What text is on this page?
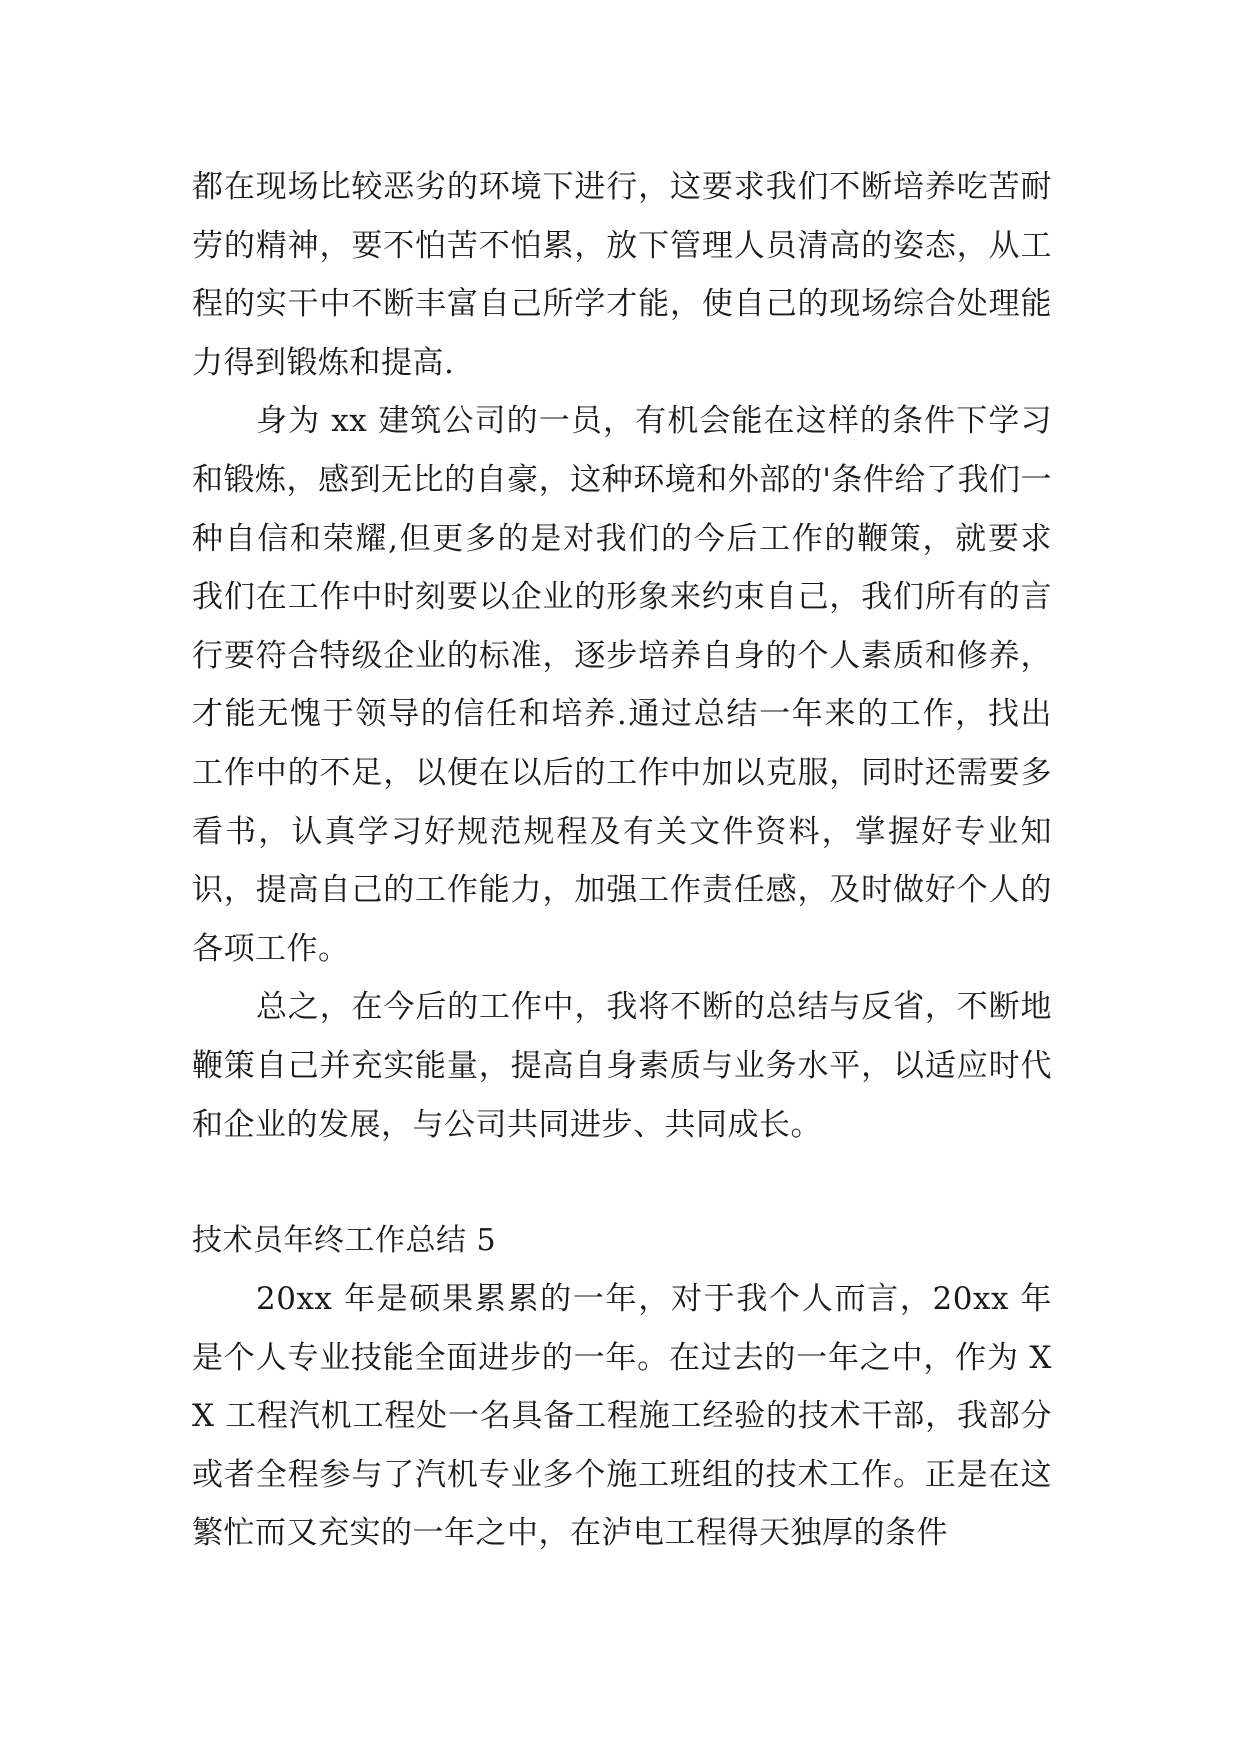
都在现场比较恶劣的环境下进行，这要求我们不断培养吃苦耐劳的精神，要不怕苦不怕累，放下管理人员清高的姿态，从工程的实干中不断丰富自己所学才能，使自己的现场综合处理能力得到锻炼和提高.

身为 xx 建筑公司的一员，有机会能在这样的条件下学习和锻炼，感到无比的自豪，这种环境和外部的'条件给了我们一种自信和荣耀,但更多的是对我们的今后工作的鞭策，就要求我们在工作中时刻要以企业的形象来约束自己，我们所有的言行要符合特级企业的标准，逐步培养自身的个人素质和修养，才能无愧于领导的信任和培养.通过总结一年来的工作，找出工作中的不足，以便在以后的工作中加以克服，同时还需要多看书，认真学习好规范规程及有关文件资料，掌握好专业知识，提高自己的工作能力，加强工作责任感，及时做好个人的各项工作。

总之，在今后的工作中，我将不断的总结与反省，不断地鞭策自己并充实能量，提高自身素质与业务水平，以适应时代和企业的发展，与公司共同进步、共同成长。

技术员年终工作总结 5

20xx 年是硕果累累的一年，对于我个人而言，20xx 年是个人专业技能全面进步的一年。在过去的一年之中，作为 XX 工程汽机工程处一名具备工程施工经验的技术干部，我部分或者全程参与了汽机专业多个施工班组的技术工作。正是在这繁忙而又充实的一年之中，在泸电工程得天独厚的条件
